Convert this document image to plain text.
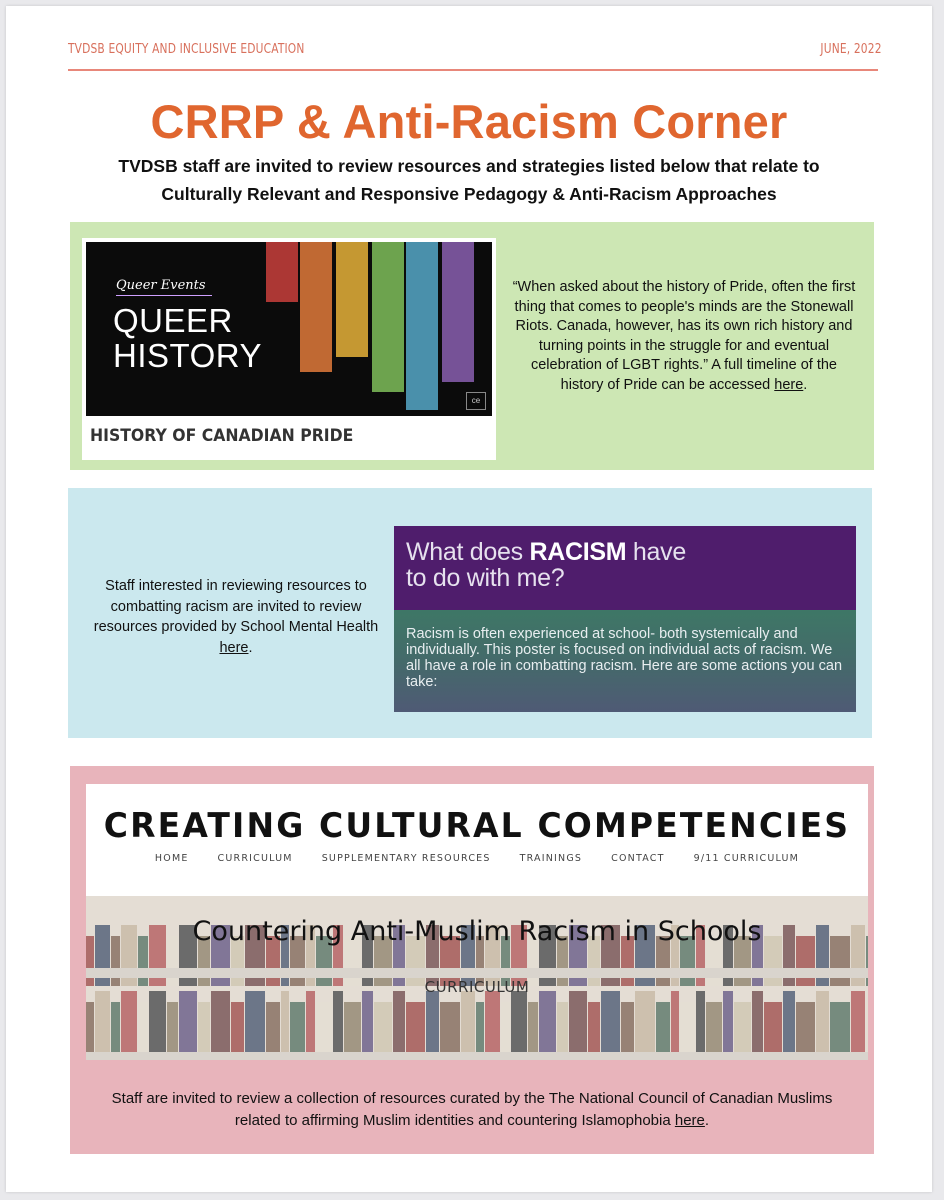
TVDSB EQUITY AND INCLUSIVE EDUCATION	JUNE, 2022
CRRP & Anti-Racism Corner
TVDSB staff are invited to review resources and strategies listed below that relate to Culturally Relevant and Responsive Pedagogy & Anti-Racism Approaches
Queer Events
QUEER
HISTORY
ce
HISTORY OF CANADIAN PRIDE
“When asked about the history of Pride, often the first thing that comes to people's minds are the Stonewall Riots. Canada, however, has its own rich history and turning points in the struggle for and eventual celebration of LGBT rights.” A full timeline of the history of Pride can be accessed here.
Staff interested in reviewing resources to combatting racism are invited to review resources provided by School Mental Health here.
What does RACISM have
to do with me?
Racism is often experienced at school- both systemically and individually. This poster is focused on individual acts of racism. We all have a role in combatting racism. Here are some actions you can take:
CREATING CULTURAL COMPETENCIES
HOME	CURRICULUM	SUPPLEMENTARY RESOURCES	TRAININGS	CONTACT	9/11 CURRICULUM
Countering Anti-Muslim Racism in Schools
CURRICULUM
Staff are invited to review a collection of resources curated by the The National Council of Canadian Muslims related to affirming Muslim identities and countering Islamophobia here.
